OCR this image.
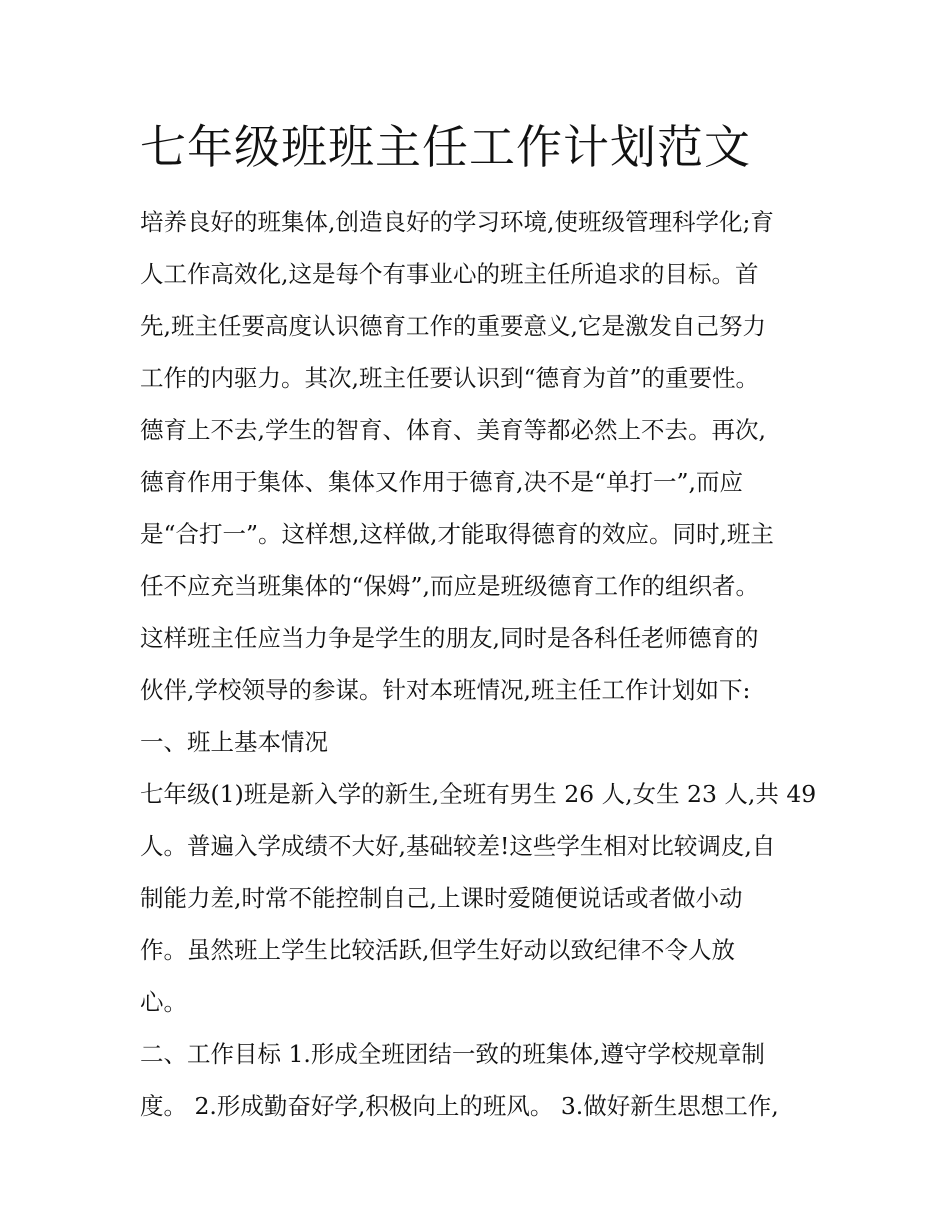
七年级班班主任工作计划范文
培养良好的班集体,创造良好的学习环境,使班级管理科学化;育
人工作高效化,这是每个有事业心的班主任所追求的目标。首
先,班主任要高度认识德育工作的重要意义,它是激发自己努力
工作的内驱力。其次,班主任要认识到“德育为首”的重要性。
德育上不去,学生的智育、体育、美育等都必然上不去。再次,
德育作用于集体、集体又作用于德育,决不是“单打一”,而应
是“合打一”。这样想,这样做,才能取得德育的效应。同时,班主
任不应充当班集体的“保姆”,而应是班级德育工作的组织者。
这样班主任应当力争是学生的朋友,同时是各科任老师德育的
伙伴,学校领导的参谋。针对本班情况,班主任工作计划如下:
一、班上基本情况
七年级(1)班是新入学的新生,全班有男生 26 人,女生 23 人,共 49
人。普遍入学成绩不大好,基础较差!这些学生相对比较调皮,自
制能力差,时常不能控制自己,上课时爱随便说话或者做小动
作。虽然班上学生比较活跃,但学生好动以致纪律不令人放
心。
二、工作目标 1.形成全班团结一致的班集体,遵守学校规章制
度。 2.形成勤奋好学,积极向上的班风。 3.做好新生思想工作,
